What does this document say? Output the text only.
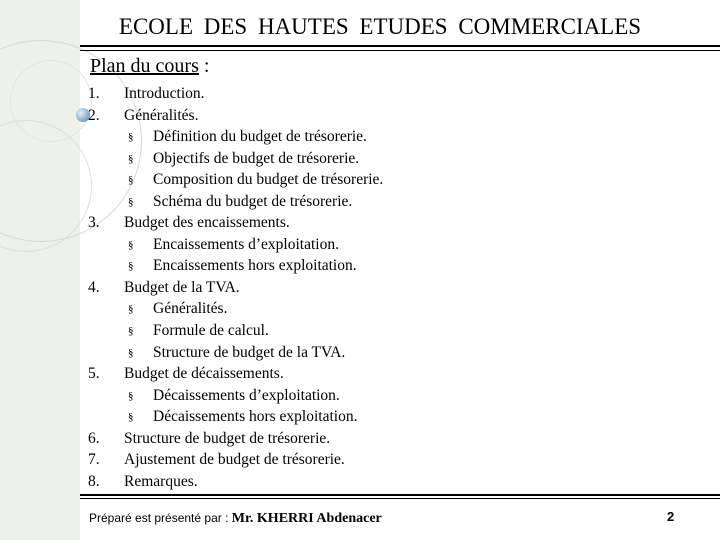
ECOLE DES HAUTES ETUDES COMMERCIALES
Plan du cours :
1. Introduction.
2. Généralités.
§ Définition du budget de trésorerie.
§ Objectifs de budget de trésorerie.
§ Composition du budget de trésorerie.
§ Schéma du budget de trésorerie.
3. Budget des encaissements.
§ Encaissements d’exploitation.
§ Encaissements hors exploitation.
4. Budget de la TVA.
§ Généralités.
§ Formule de calcul.
§ Structure de budget de la TVA.
5. Budget de décaissements.
§ Décaissements d’exploitation.
§ Décaissements hors exploitation.
6. Structure de budget de trésorerie.
7. Ajustement de budget de trésorerie.
8. Remarques.
Préparé est présenté par : Mr. KHERRI Abdenacer	2
